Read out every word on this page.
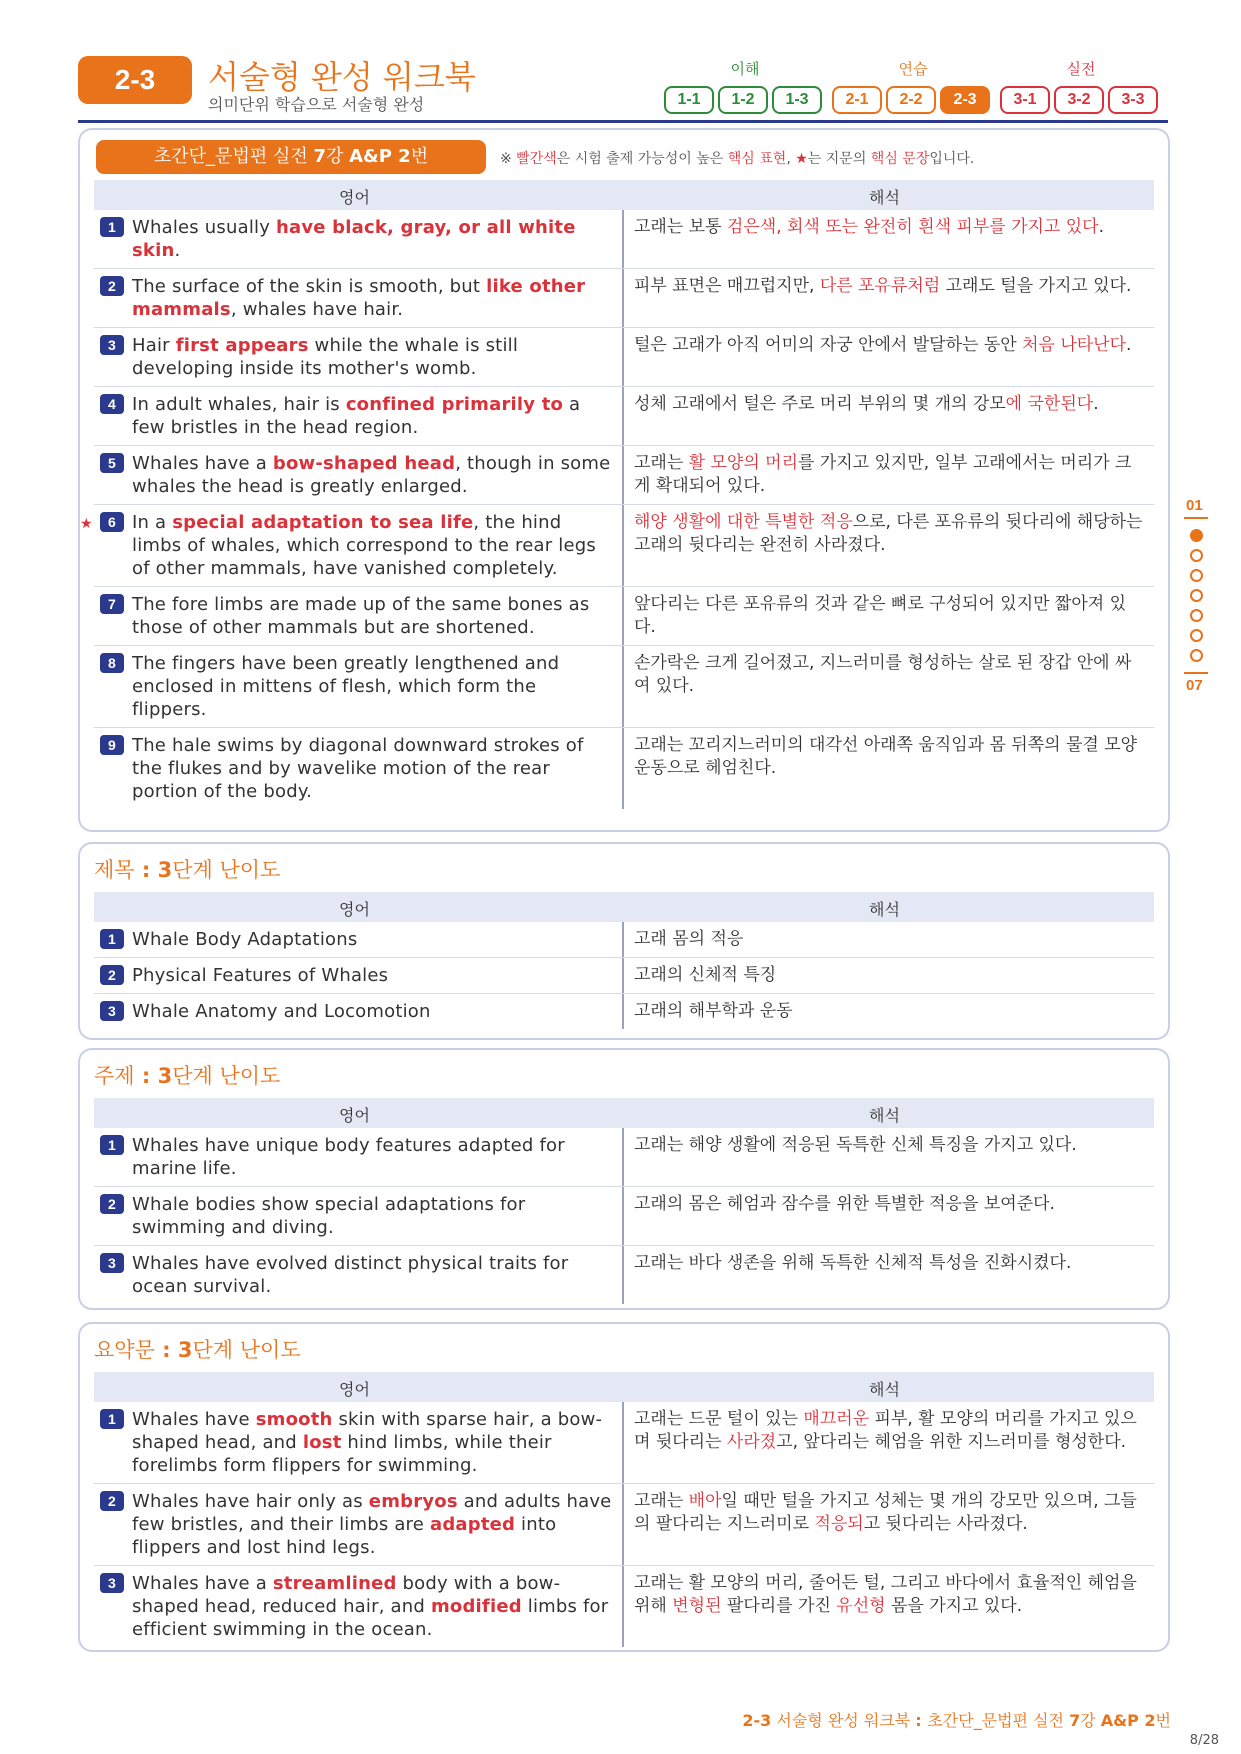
2-3	서술형 완성 워크북
의미단위 학습으로 서술형 완성
이해
1-1	1-2	1-3
연습
2-1	2-2	2-3
실전
3-1	3-2	3-3
초간단_문법편 실전 7강 A&P 2번	※ 빨간색은 시험 출제 가능성이 높은 핵심 표현, ★는 지문의 핵심 문장입니다.
영어	해석
1 Whales usually have black, gray, or all white skin.
고래는 보통 검은색, 회색 또는 완전히 흰색 피부를 가지고 있다.
2 The surface of the skin is smooth, but like other mammals, whales have hair.
피부 표면은 매끄럽지만, 다른 포유류처럼 고래도 털을 가지고 있다.
3 Hair first appears while the whale is still developing inside its mother's womb.
털은 고래가 아직 어미의 자궁 안에서 발달하는 동안 처음 나타난다.
4 In adult whales, hair is confined primarily to a few bristles in the head region.
성체 고래에서 털은 주로 머리 부위의 몇 개의 강모에 국한된다.
5 Whales have a bow-shaped head, though in some whales the head is greatly enlarged.
고래는 활 모양의 머리를 가지고 있지만, 일부 고래에서는 머리가 크게 확대되어 있다.
★	6 In a special adaptation to sea life, the hind limbs of whales, which correspond to the rear legs of other mammals, have vanished completely.
해양 생활에 대한 특별한 적응으로, 다른 포유류의 뒷다리에 해당하는 고래의 뒷다리는 완전히 사라졌다.
7 The fore limbs are made up of the same bones as those of other mammals but are shortened.
앞다리는 다른 포유류의 것과 같은 뼈로 구성되어 있지만 짧아져 있다.
8 The fingers have been greatly lengthened and enclosed in mittens of flesh, which form the flippers.
손가락은 크게 길어졌고, 지느러미를 형성하는 살로 된 장갑 안에 싸여 있다.
9 The hale swims by diagonal downward strokes of the flukes and by wavelike motion of the rear portion of the body.
고래는 꼬리지느러미의 대각선 아래쪽 움직임과 몸 뒤쪽의 물결 모양 운동으로 헤엄친다.
제목 : 3단계 난이도
영어	해석
1 Whale Body Adaptations	고래 몸의 적응
2 Physical Features of Whales	고래의 신체적 특징
3 Whale Anatomy and Locomotion	고래의 해부학과 운동
주제 : 3단계 난이도
영어	해석
1 Whales have unique body features adapted for marine life.
고래는 해양 생활에 적응된 독특한 신체 특징을 가지고 있다.
2 Whale bodies show special adaptations for swimming and diving.
고래의 몸은 헤엄과 잠수를 위한 특별한 적응을 보여준다.
3 Whales have evolved distinct physical traits for ocean survival.
고래는 바다 생존을 위해 독특한 신체적 특성을 진화시켰다.
요약문 : 3단계 난이도
영어	해석
1 Whales have smooth skin with sparse hair, a bow-shaped head, and lost hind limbs, while their forelimbs form flippers for swimming.
고래는 드문 털이 있는 매끄러운 피부, 활 모양의 머리를 가지고 있으며 뒷다리는 사라졌고, 앞다리는 헤엄을 위한 지느러미를 형성한다.
2 Whales have hair only as embryos and adults have few bristles, and their limbs are adapted into flippers and lost hind legs.
고래는 배아일 때만 털을 가지고 성체는 몇 개의 강모만 있으며, 그들의 팔다리는 지느러미로 적응되고 뒷다리는 사라졌다.
3 Whales have a streamlined body with a bow-shaped head, reduced hair, and modified limbs for efficient swimming in the ocean.
고래는 활 모양의 머리, 줄어든 털, 그리고 바다에서 효율적인 헤엄을 위해 변형된 팔다리를 가진 유선형 몸을 가지고 있다.
01
07
2-3 서술형 완성 워크북 : 초간단_문법편 실전 7강 A&P 2번
8/28
